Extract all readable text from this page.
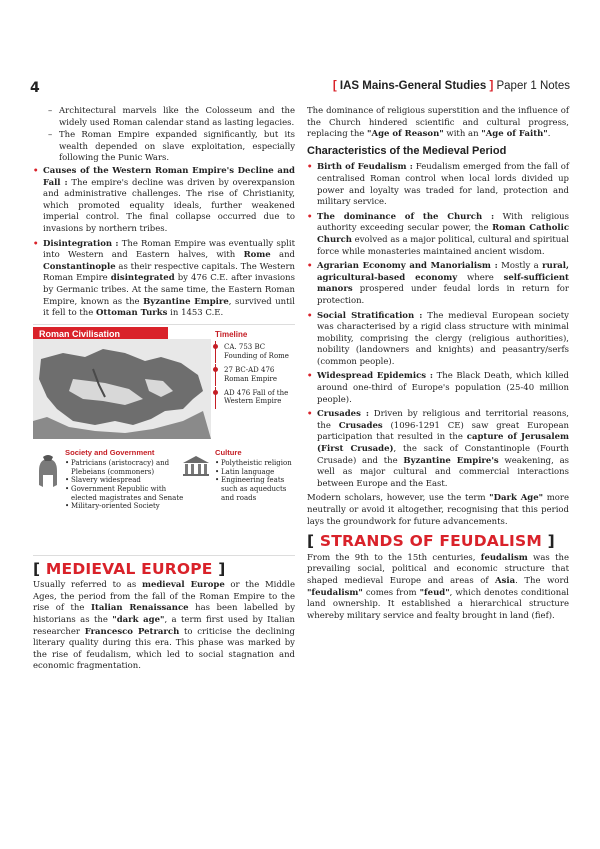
4	[ IAS Mains-General Studies ] Paper 1 Notes
– Architectural marvels like the Colosseum and the widely used Roman calendar stand as lasting legacies.
– The Roman Empire expanded significantly, but its wealth depended on slave exploitation, especially following the Punic Wars.
• Causes of the Western Roman Empire's Decline and Fall : The empire's decline was driven by overexpansion and administrative challenges. The rise of Christianity, which promoted equality ideals, further weakened imperial control. The final collapse occurred due to invasions by northern tribes.
• Disintegration : The Roman Empire was eventually split into Western and Eastern halves, with Rome and Constantinople as their respective capitals. The Western Roman Empire disintegrated by 476 C.E. after invasions by Germanic tribes. At the same time, the Eastern Roman Empire, known as the Byzantine Empire, survived until it fell to the Ottoman Turks in 1453 C.E.
Roman Civilisation	Timeline
CA. 753 BC Founding of Rome
27 BC-AD 476 Roman Empire
AD 476 Fall of the Western Empire
Society and Government
• Patricians (aristocracy) and Plebeians (commoners)
• Slavery widespread
• Government Republic with elected magistrates and Senate
• Military-oriented Society
Culture
• Polytheistic religion
• Latin language
• Engineering feats such as aqueducts and roads
[ MEDIEVAL EUROPE ]
Usually referred to as medieval Europe or the Middle Ages, the period from the fall of the Roman Empire to the rise of the Italian Renaissance has been labelled by historians as the "dark age", a term first used by Italian researcher Francesco Petrarch to criticise the declining literary quality during this era. This phase was marked by the rise of feudalism, which led to social stagnation and economic fragmentation.
The dominance of religious superstition and the influence of the Church hindered scientific and cultural progress, replacing the "Age of Reason" with an "Age of Faith".
Characteristics of the Medieval Period
• Birth of Feudalism : Feudalism emerged from the fall of centralised Roman control when local lords divided up power and loyalty was traded for land, protection and military service.
• The dominance of the Church : With religious authority exceeding secular power, the Roman Catholic Church evolved as a major political, cultural and spiritual force while monasteries maintained ancient wisdom.
• Agrarian Economy and Manorialism : Mostly a rural, agricultural-based economy where self-sufficient manors prospered under feudal lords in return for protection.
• Social Stratification : The medieval European society was characterised by a rigid class structure with minimal mobility, comprising the clergy (religious authorities), nobility (landowners and knights) and peasantry/serfs (common people).
• Widespread Epidemics : The Black Death, which killed around one-third of Europe's population (25-40 million people).
• Crusades : Driven by religious and territorial reasons, the Crusades (1096-1291 CE) saw great European participation that resulted in the capture of Jerusalem (First Crusade), the sack of Constantinople (Fourth Crusade) and the Byzantine Empire's weakening, as well as major cultural and commercial interactions between Europe and the East.
Modern scholars, however, use the term "Dark Age" more neutrally or avoid it altogether, recognising that this period lays the groundwork for future advancements.
[ STRANDS OF FEUDALISM ]
From the 9th to the 15th centuries, feudalism was the prevailing social, political and economic structure that shaped medieval Europe and areas of Asia. The word "feudalism" comes from "feud", which denotes conditional land ownership. It established a hierarchical structure whereby military service and fealty brought in land (fief).
